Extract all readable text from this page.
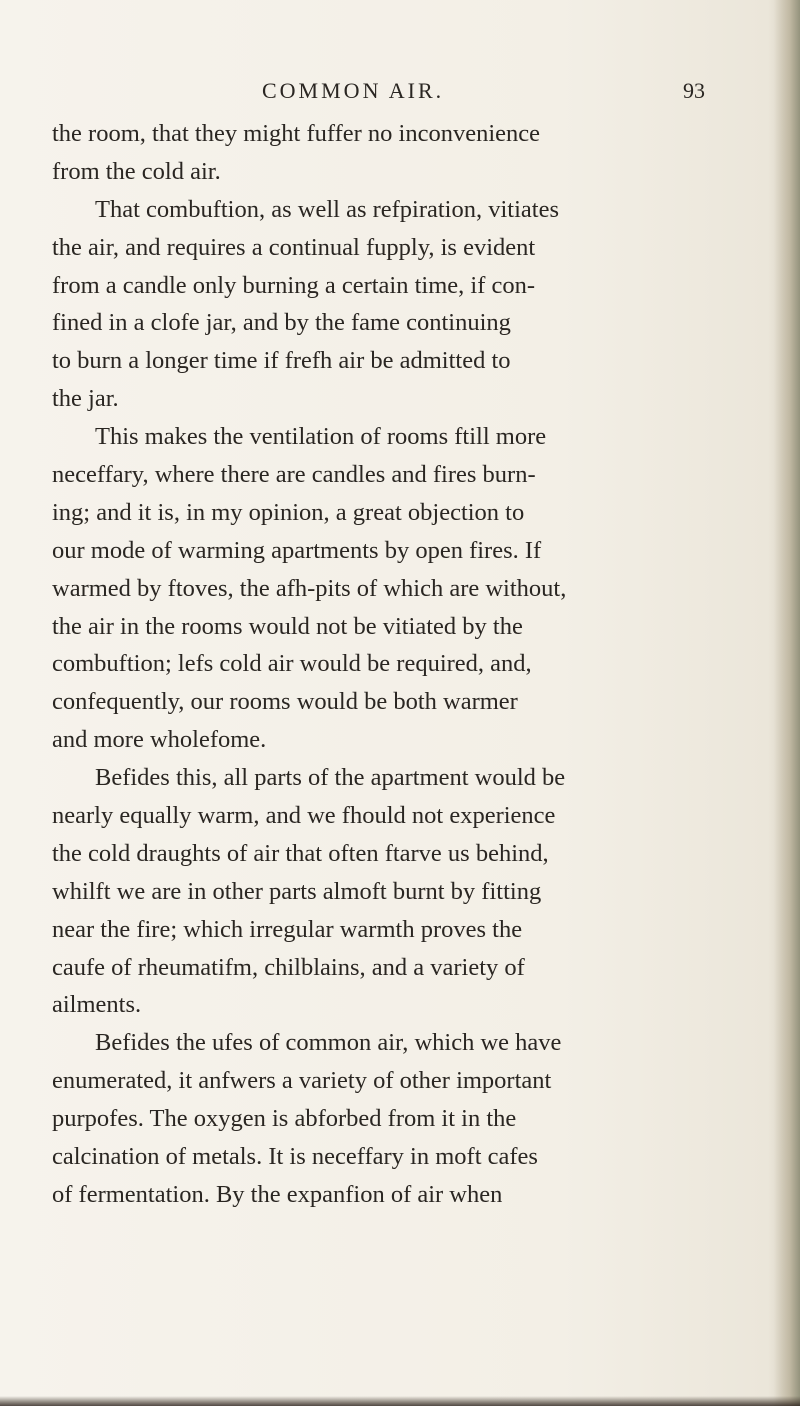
COMMON AIR.	93
the room, that they might fuffer no inconvenience
from the cold air.
That combuftion, as well as refpiration, vitiates
the air, and requires a continual fupply, is evident
from a candle only burning a certain time, if con-
fined in a clofe jar, and by the fame continuing
to burn a longer time if frefh air be admitted to
the jar.
This makes the ventilation of rooms ftill more
neceffary, where there are candles and fires burn-
ing; and it is, in my opinion, a great objection to
our mode of warming apartments by open fires. If
warmed by ftoves, the afh-pits of which are without,
the air in the rooms would not be vitiated by the
combuftion; lefs cold air would be required, and,
confequently, our rooms would be both warmer
and more wholefome.
Befides this, all parts of the apartment would be
nearly equally warm, and we fhould not experience
the cold draughts of air that often ftarve us behind,
whilft we are in other parts almoft burnt by fitting
near the fire; which irregular warmth proves the
caufe of rheumatifm, chilblains, and a variety of
ailments.
Befides the ufes of common air, which we have
enumerated, it anfwers a variety of other important
purpofes. The oxygen is abforbed from it in the
calcination of metals. It is neceffary in moft cafes
of fermentation. By the expanfion of air when
